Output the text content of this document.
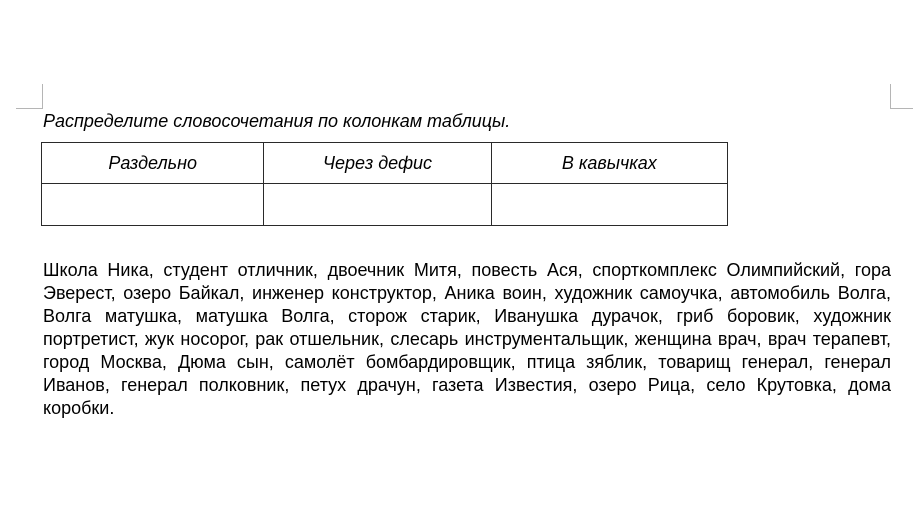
Распределите словосочетания по колонкам таблицы.
Раздельно	Через дефис	В кавычках

Школа Ника, студент отличник, двоечник Митя, повесть Ася, спорткомплекс Олимпийский, гора Эверест, озеро Байкал, инженер конструктор, Аника воин, художник самоучка, автомобиль Волга, Волга матушка, матушка Волга, сторож старик, Иванушка дурачок, гриб боровик, художник портретист, жук носорог, рак отшельник, слесарь инструментальщик, женщина врач, врач терапевт, город Москва, Дюма сын, самолёт бомбардировщик, птица зяблик, товарищ генерал, генерал Иванов, генерал полковник, петух драчун, газета Известия, озеро Рица, село Крутовка, дома коробки.
